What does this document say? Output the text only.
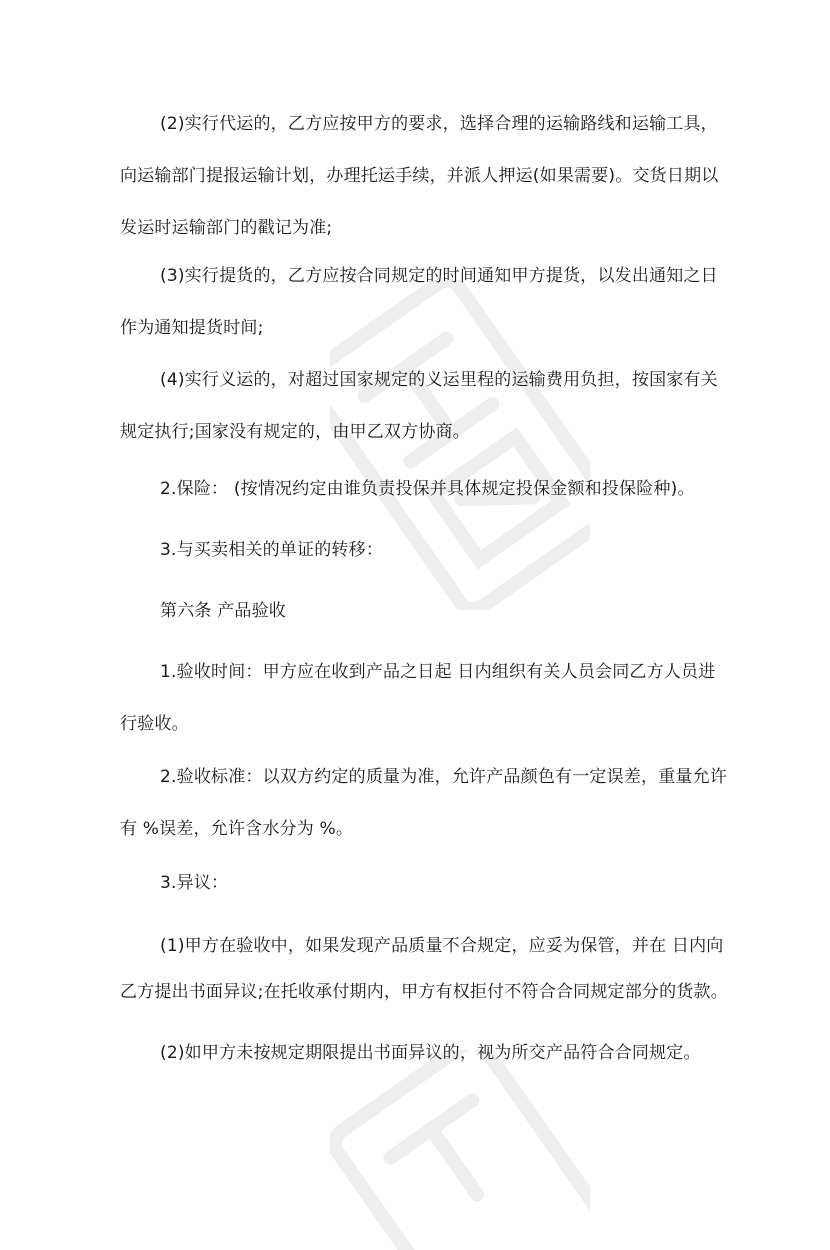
(2)实行代运的，乙方应按甲方的要求，选择合理的运输路线和运输工具，
向运输部门提报运输计划，办理托运手续，并派人押运(如果需要)。交货日期以
发运时运输部门的戳记为准;
(3)实行提货的，乙方应按合同规定的时间通知甲方提货，以发出通知之日
作为通知提货时间;
(4)实行义运的，对超过国家规定的义运里程的运输费用负担，按国家有关
规定执行;国家没有规定的，由甲乙双方协商。
2.保险： (按情况约定由谁负责投保并具体规定投保金额和投保险种)。
3.与买卖相关的单证的转移：
第六条 产品验收
1.验收时间：甲方应在收到产品之日起 日内组织有关人员会同乙方人员进
行验收。
2.验收标准：以双方约定的质量为准，允许产品颜色有一定误差，重量允许
有 %误差，允许含水分为 %。
3.异议：
(1)甲方在验收中，如果发现产品质量不合规定，应妥为保管，并在 日内向
乙方提出书面异议;在托收承付期内，甲方有权拒付不符合合同规定部分的货款。
(2)如甲方未按规定期限提出书面异议的，视为所交产品符合合同规定。
